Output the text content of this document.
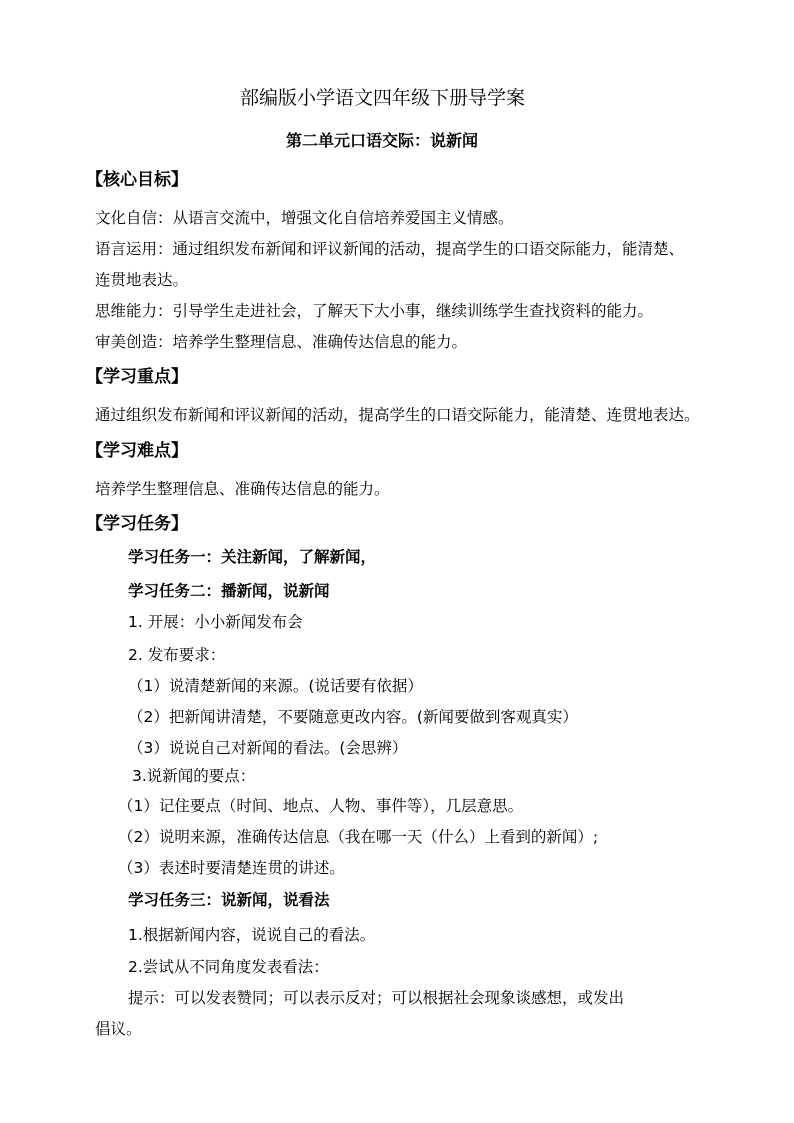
部编版小学语文四年级下册导学案
第二单元口语交际：说新闻
【核心目标】
文化自信：从语言交流中，增强文化自信培养爱国主义情感。
语言运用：通过组织发布新闻和评议新闻的活动，提高学生的口语交际能力，能清楚、
连贯地表达。
思维能力：引导学生走进社会，了解天下大小事，继续训练学生查找资料的能力。
审美创造：培养学生整理信息、准确传达信息的能力。
【学习重点】
通过组织发布新闻和评议新闻的活动，提高学生的口语交际能力，能清楚、连贯地表达。
【学习难点】
培养学生整理信息、准确传达信息的能力。
【学习任务】
学习任务一：关注新闻，了解新闻，
学习任务二：播新闻，说新闻
1. 开展：小小新闻发布会
2. 发布要求：
（1）说清楚新闻的来源。(说话要有依据）
（2）把新闻讲清楚，不要随意更改内容。(新闻要做到客观真实）
（3）说说自己对新闻的看法。(会思辨）
3.说新闻的要点：
（1）记住要点（时间、地点、人物、事件等），几层意思。
（2）说明来源，准确传达信息（我在哪一天（什么）上看到的新闻）;
（3）表述时要清楚连贯的讲述。
学习任务三：说新闻，说看法
1.根据新闻内容，说说自己的看法。
2.尝试从不同角度发表看法：
提示：可以发表赞同；可以表示反对；可以根据社会现象谈感想，或发出
倡议。
